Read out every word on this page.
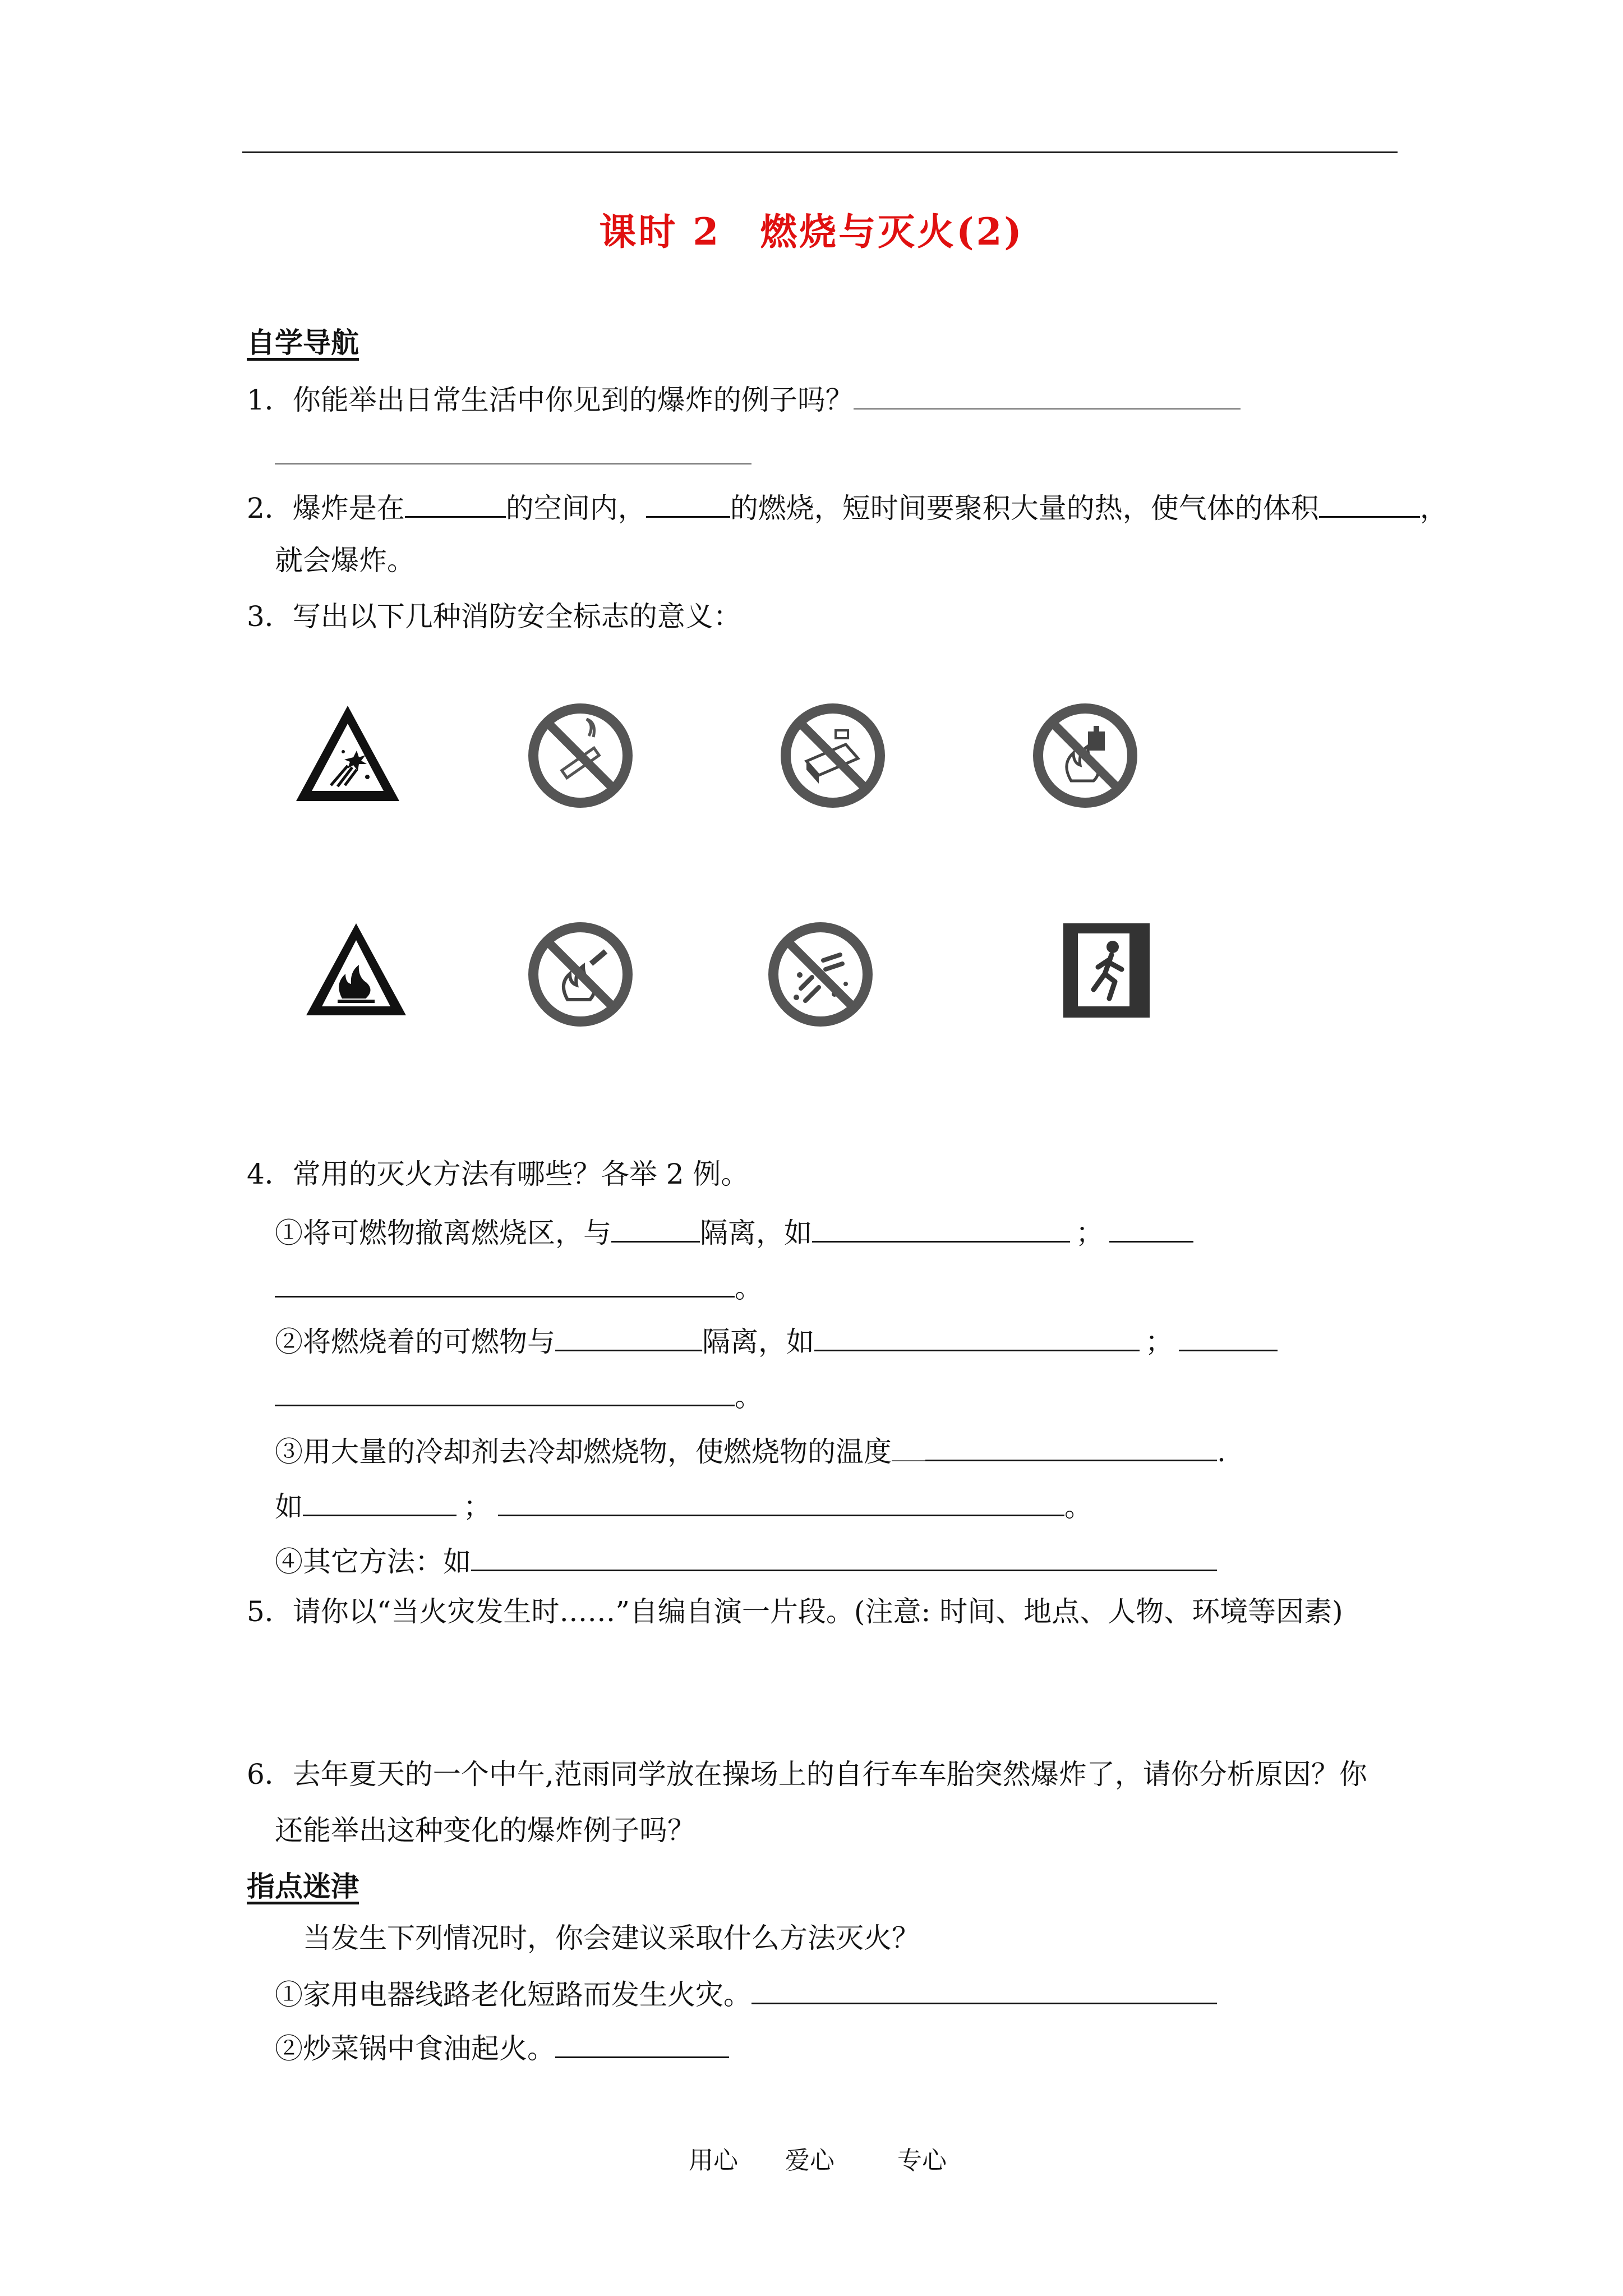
课时 2　燃烧与灭火(2)
自学导航
1．你能举出日常生活中你见到的爆炸的例子吗？
2．爆炸是在	的空间内，	的燃烧，短时间要聚积大量的热，使气体的体积	，
就会爆炸。
3．写出以下几种消防安全标志的意义：
4．常用的灭火方法有哪些？各举 2 例。
①将可燃物撤离燃烧区，与	隔离，如	；
。
②将燃烧着的可燃物与	隔离，如	；
。
③用大量的冷却剂去冷却燃烧物，使燃烧物的温度	.
如	；	。
④其它方法：如
5．请你以“当火灾发生时……”自编自演一片段。(注意: 时间、地点、人物、环境等因素)
6．去年夏天的一个中午,范雨同学放在操场上的自行车车胎突然爆炸了，请你分析原因？你
还能举出这种变化的爆炸例子吗？
指点迷津
当发生下列情况时，你会建议采取什么方法灭火？
①家用电器线路老化短路而发生火灾。
②炒菜锅中食油起火。
用心 爱心	专心
